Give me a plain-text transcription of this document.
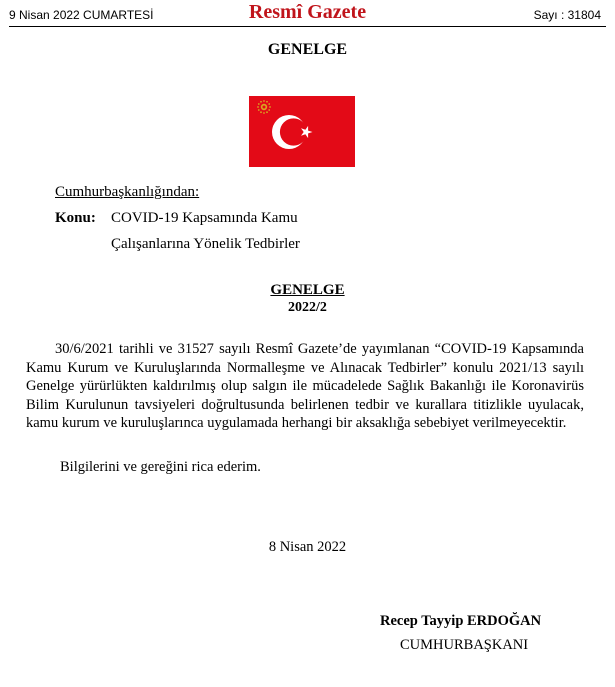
9 Nisan 2022 CUMARTESİ	Resmî Gazete	Sayı : 31804
GENELGE
Cumhurbaşkanlığından:
Konu: COVID-19 Kapsamında Kamu
Çalışanlarına Yönelik Tedbirler
GENELGE
2022/2

30/6/2021 tarihli ve 31527 sayılı Resmî Gazete’de yayımlanan “COVID-19 Kapsamında Kamu Kurum ve Kuruluşlarında Normalleşme ve Alınacak Tedbirler” konulu 2021/13 sayılı Genelge yürürlükten kaldırılmış olup salgın ile mücadelede Sağlık Bakanlığı ile Koronavirüs Bilim Kurulunun tavsiyeleri doğrultusunda belirlenen tedbir ve kurallara titizlikle uyulacak, kamu kurum ve kuruluşlarınca uygulamada herhangi bir aksaklığa sebebiyet verilmeyecektir.

Bilgilerini ve gereğini rica ederim.
8 Nisan 2022
Recep Tayyip ERDOĞAN
CUMHURBAŞKANI
